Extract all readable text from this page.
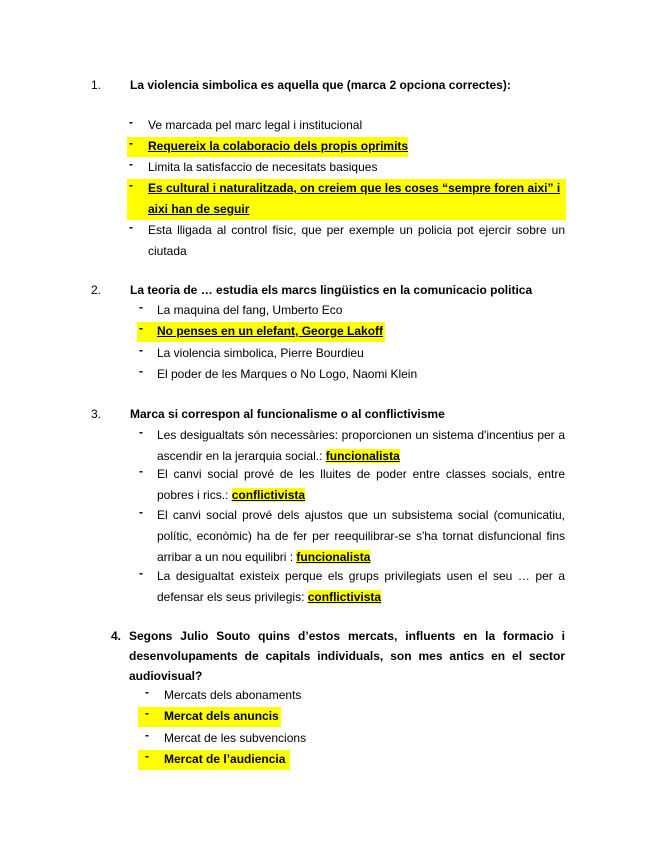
1. La violencia simbolica es aquella que (marca 2 opciona correctes):
- Ve marcada pel marc legal i institucional
- Requereix la colaboracio dels propis oprimits
- Limita la satisfaccio de necesitats basiques
- Es cultural i naturalitzada, on creiem que les coses “sempre foren aixi” i aixi han de seguir
- Esta lligada al control fisic, que per exemple un policia pot ejercir sobre un ciutada
2. La teoria de … estudia els marcs lingüistics en la comunicacio politica
- La maquina del fang, Umberto Eco
- No penses en un elefant, George Lakoff
- La violencia simbolica, Pierre Bourdieu
- El poder de les Marques o No Logo, Naomi Klein
3. Marca si correspon al funcionalisme o al conflictivisme
- Les desigualtats són necessàries: proporcionen un sistema d'incentius per a ascendir en la jerarquia social.: funcionalista
- El canvi social prové de les lluites de poder entre classes socials, entre pobres i rics.: conflictivista
- El canvi social prové dels ajustos que un subsistema social (comunicatiu, polític, econòmic) ha de fer per reequilibrar-se s'ha tornat disfuncional fins arribar a un nou equilibri : funcionalista
- La desigualtat existeix perque els grups privilegiats usen el seu … per a defensar els seus privilegis: conflictivista
4. Segons Julio Souto quins d’estos mercats, influents en la formacio i desenvolupaments de capitals individuals, son mes antics en el sector audiovisual?
- Mercats dels abonaments
- Mercat dels anuncis
- Mercat de les subvencions
- Mercat de l’audiencia
